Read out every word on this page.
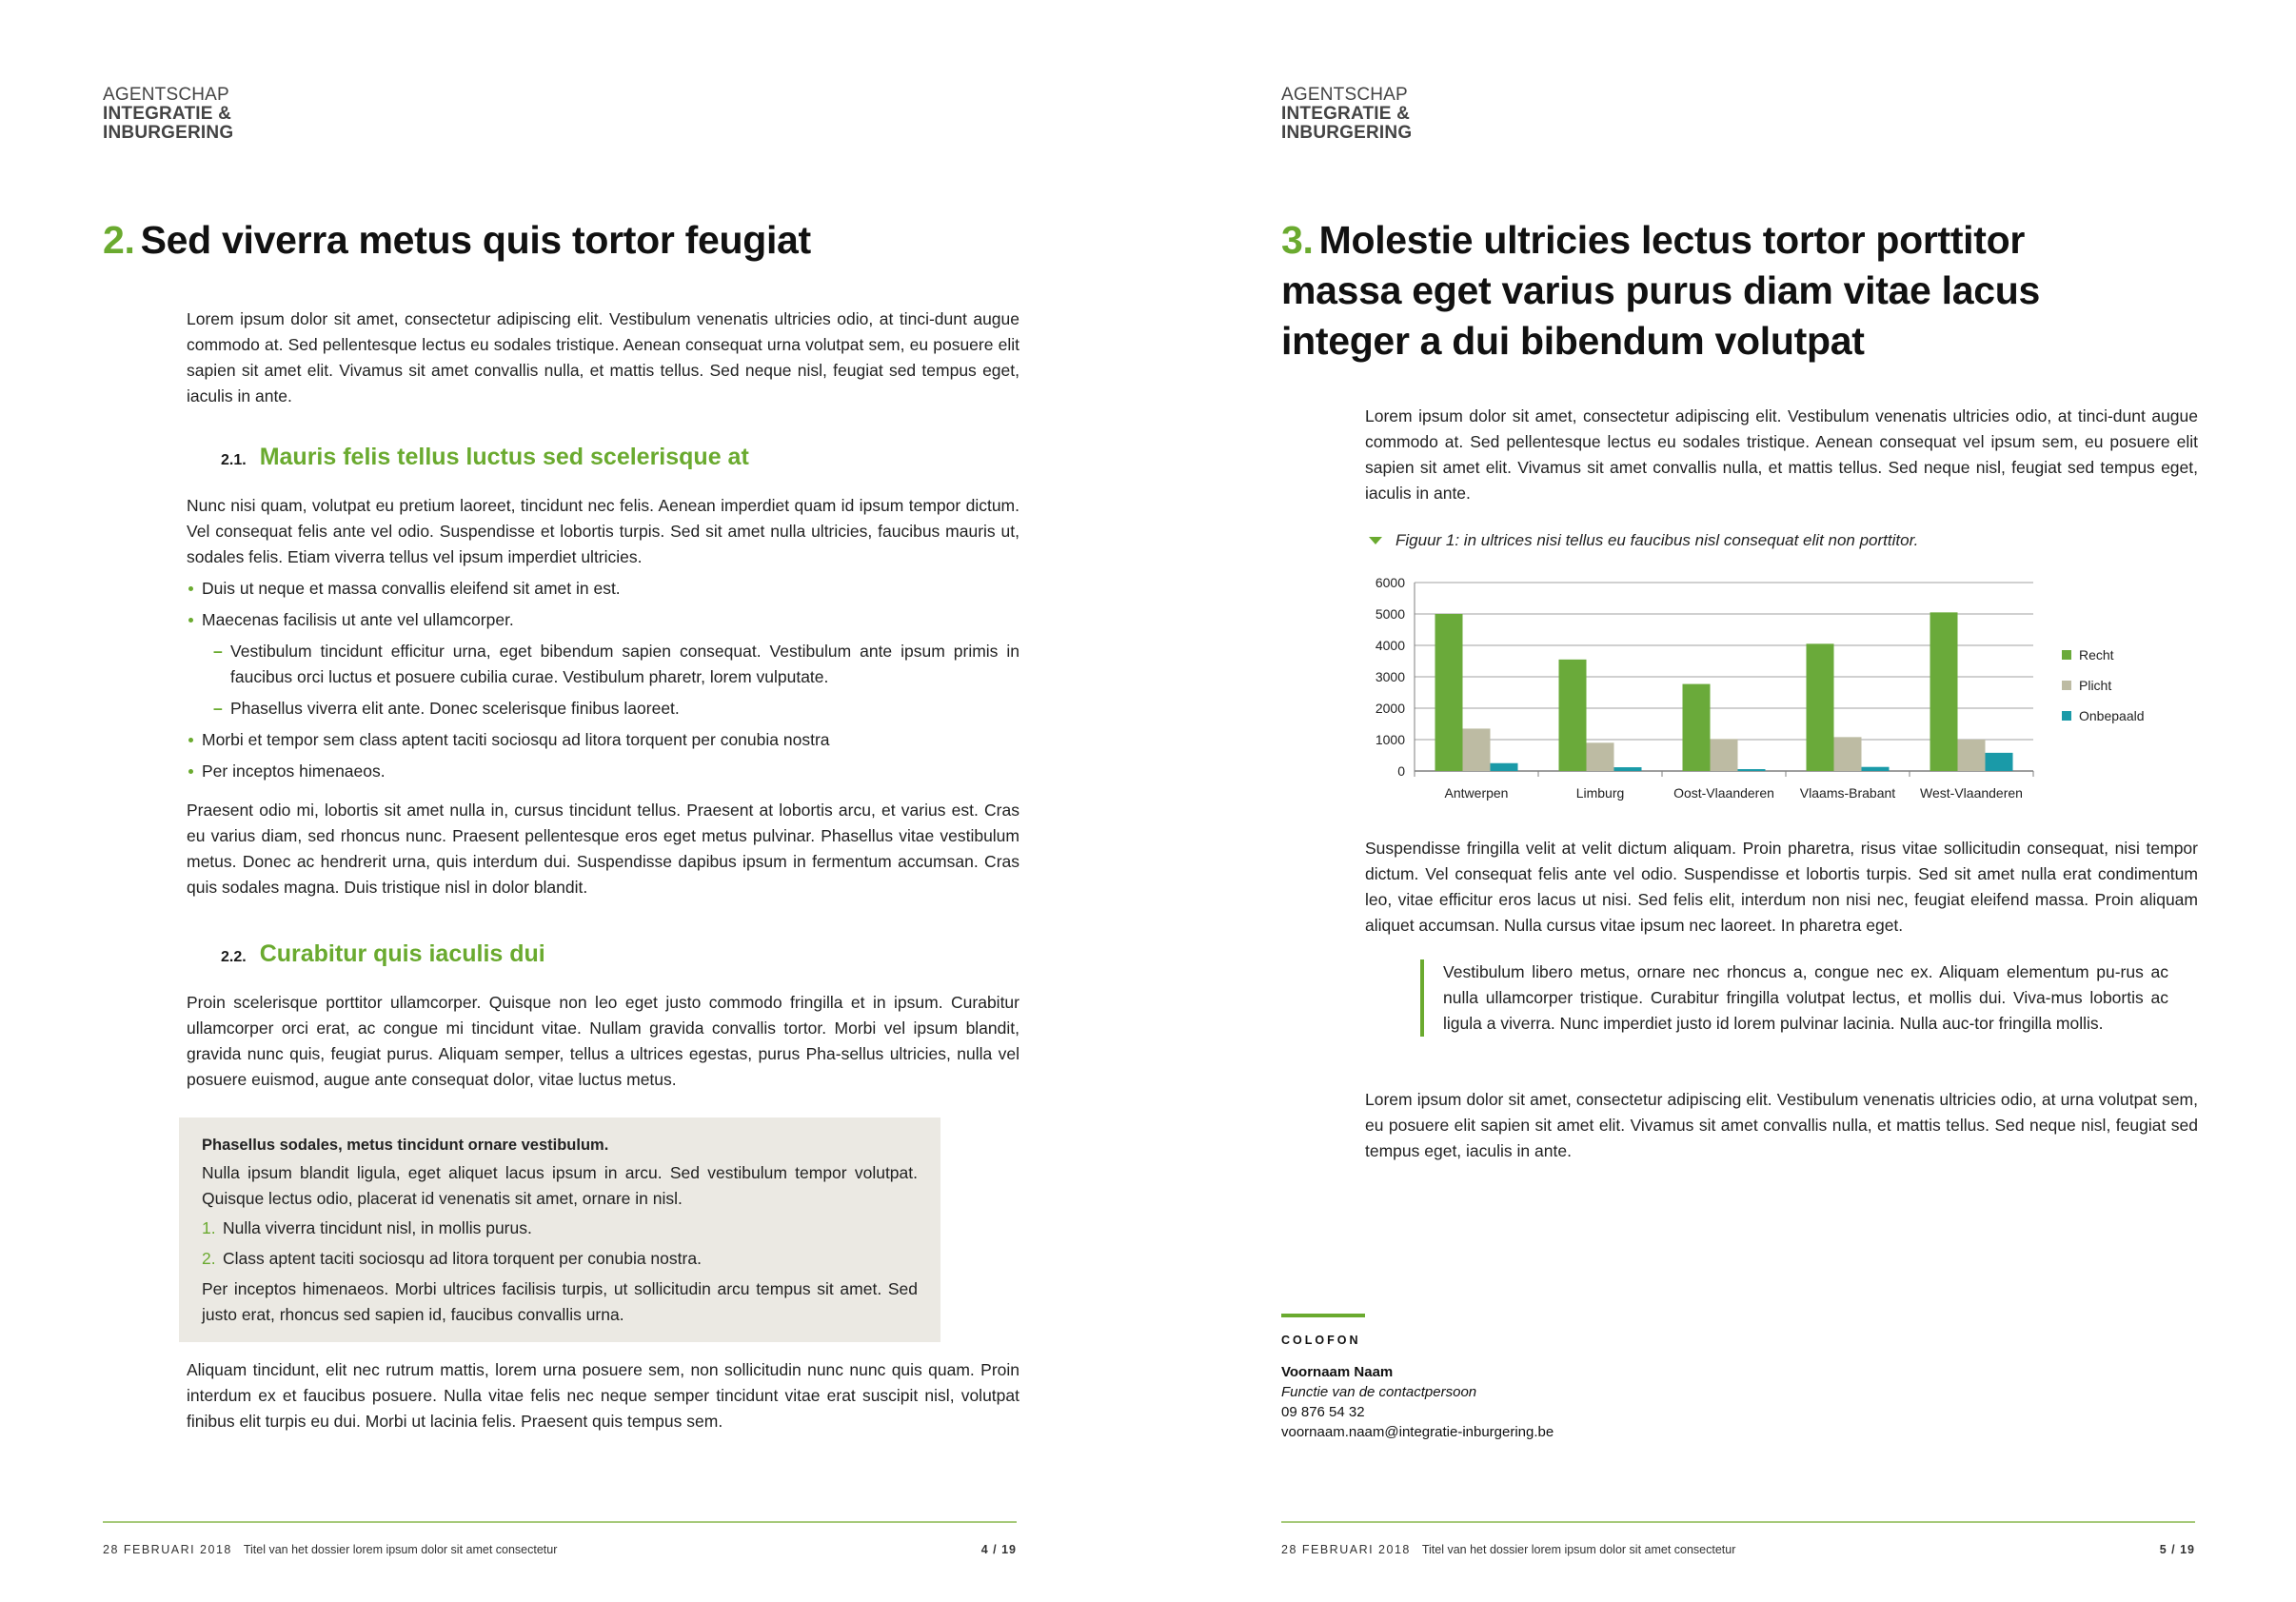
AGENTSCHAP
INTEGRATIE &
INBURGERING
2. Sed viverra metus quis tortor feugiat
Lorem ipsum dolor sit amet, consectetur adipiscing elit. Vestibulum venenatis ultricies odio, at tinci-dunt augue commodo at. Sed pellentesque lectus eu sodales tristique. Aenean consequat urna volutpat sem, eu posuere elit sapien sit amet elit. Vivamus sit amet convallis nulla, et mattis tellus. Sed neque nisl, feugiat sed tempus eget, iaculis in ante.
2.1. Mauris felis tellus luctus sed scelerisque at
Nunc nisi quam, volutpat eu pretium laoreet, tincidunt nec felis. Aenean imperdiet quam id ipsum tempor dictum. Vel consequat felis ante vel odio. Suspendisse et lobortis turpis. Sed sit amet nulla ultricies, faucibus mauris ut, sodales felis. Etiam viverra tellus vel ipsum imperdiet ultricies.
Duis ut neque et massa convallis eleifend sit amet in est.
Maecenas facilisis ut ante vel ullamcorper.
– Vestibulum tincidunt efficitur urna, eget bibendum sapien consequat. Vestibulum ante ipsum primis in faucibus orci luctus et posuere cubilia curae. Vestibulum pharetr, lorem vulputate.
– Phasellus viverra elit ante. Donec scelerisque finibus laoreet.
Morbi et tempor sem class aptent taciti sociosqu ad litora torquent per conubia nostra
Per inceptos himenaeos.
Praesent odio mi, lobortis sit amet nulla in, cursus tincidunt tellus. Praesent at lobortis arcu, et varius est. Cras eu varius diam, sed rhoncus nunc. Praesent pellentesque eros eget metus pulvinar. Phasellus vitae vestibulum metus. Donec ac hendrerit urna, quis interdum dui. Suspendisse dapibus ipsum in fermentum accumsan. Cras quis sodales magna. Duis tristique nisl in dolor blandit.
2.2. Curabitur quis iaculis dui
Proin scelerisque porttitor ullamcorper. Quisque non leo eget justo commodo fringilla et in ipsum. Curabitur ullamcorper orci erat, ac congue mi tincidunt vitae. Nullam gravida convallis tortor. Morbi vel ipsum blandit, gravida nunc quis, feugiat purus. Aliquam semper, tellus a ultrices egestas, purus Pha-sellus ultricies, nulla vel posuere euismod, augue ante consequat dolor, vitae luctus metus.
Phasellus sodales, metus tincidunt ornare vestibulum.
Nulla ipsum blandit ligula, eget aliquet lacus ipsum in arcu. Sed vestibulum tempor volutpat. Quisque lectus odio, placerat id venenatis sit amet, ornare in nisl.
1. Nulla viverra tincidunt nisl, in mollis purus.
2. Class aptent taciti sociosqu ad litora torquent per conubia nostra.
Per inceptos himenaeos. Morbi ultrices facilisis turpis, ut sollicitudin arcu tempus sit amet. Sed justo erat, rhoncus sed sapien id, faucibus convallis urna.
Aliquam tincidunt, elit nec rutrum mattis, lorem urna posuere sem, non sollicitudin nunc nunc quis quam. Proin interdum ex et faucibus posuere. Nulla vitae felis nec neque semper tincidunt vitae erat suscipit nisl, volutpat finibus elit turpis eu dui. Morbi ut lacinia felis. Praesent quis tempus sem.
28 FEBRUARI 2018 Titel van het dossier lorem ipsum dolor sit amet consectetur	4 / 19
AGENTSCHAP
INTEGRATIE &
INBURGERING
3. Molestie ultricies lectus tortor porttitor
massa eget varius purus diam vitae lacus
integer a dui bibendum volutpat
Lorem ipsum dolor sit amet, consectetur adipiscing elit. Vestibulum venenatis ultricies odio, at tinci-dunt augue commodo at. Sed pellentesque lectus eu sodales tristique. Aenean consequat vel ipsum sem, eu posuere elit sapien sit amet elit. Vivamus sit amet convallis nulla, et mattis tellus. Sed neque nisl, feugiat sed tempus eget, iaculis in ante.
Figuur 1: in ultrices nisi tellus eu faucibus nisl consequat elit non porttitor.
0
1000
2000
3000
4000
5000
6000
Antwerpen	Limburg	Oost-Vlaanderen Vlaams-Brabant West-Vlaanderen
Recht
Plicht
Onbepaald
Suspendisse fringilla velit at velit dictum aliquam. Proin pharetra, risus vitae sollicitudin consequat, nisi tempor dictum. Vel consequat felis ante vel odio. Suspendisse et lobortis turpis. Sed sit amet nulla erat condimentum leo, vitae efficitur eros lacus ut nisi. Sed felis elit, interdum non nisi nec, feugiat eleifend massa. Proin aliquam aliquet accumsan. Nulla cursus vitae ipsum nec laoreet. In pharetra eget.
Vestibulum libero metus, ornare nec rhoncus a, congue nec ex. Aliquam elementum pu-rus ac nulla ullamcorper tristique. Curabitur fringilla volutpat lectus, et mollis dui. Viva-mus lobortis ac ligula a viverra. Nunc imperdiet justo id lorem pulvinar lacinia. Nulla auc-tor fringilla mollis.
Lorem ipsum dolor sit amet, consectetur adipiscing elit. Vestibulum venenatis ultricies odio, at urna volutpat sem, eu posuere elit sapien sit amet elit. Vivamus sit amet convallis nulla, et mattis tellus. Sed neque nisl, feugiat sed tempus eget, iaculis in ante.
COLOFON
Voornaam Naam
Functie van de contactpersoon
09 876 54 32
voornaam.naam@integratie-inburgering.be
28 FEBRUARI 2018 Titel van het dossier lorem ipsum dolor sit amet consectetur	5 / 19
